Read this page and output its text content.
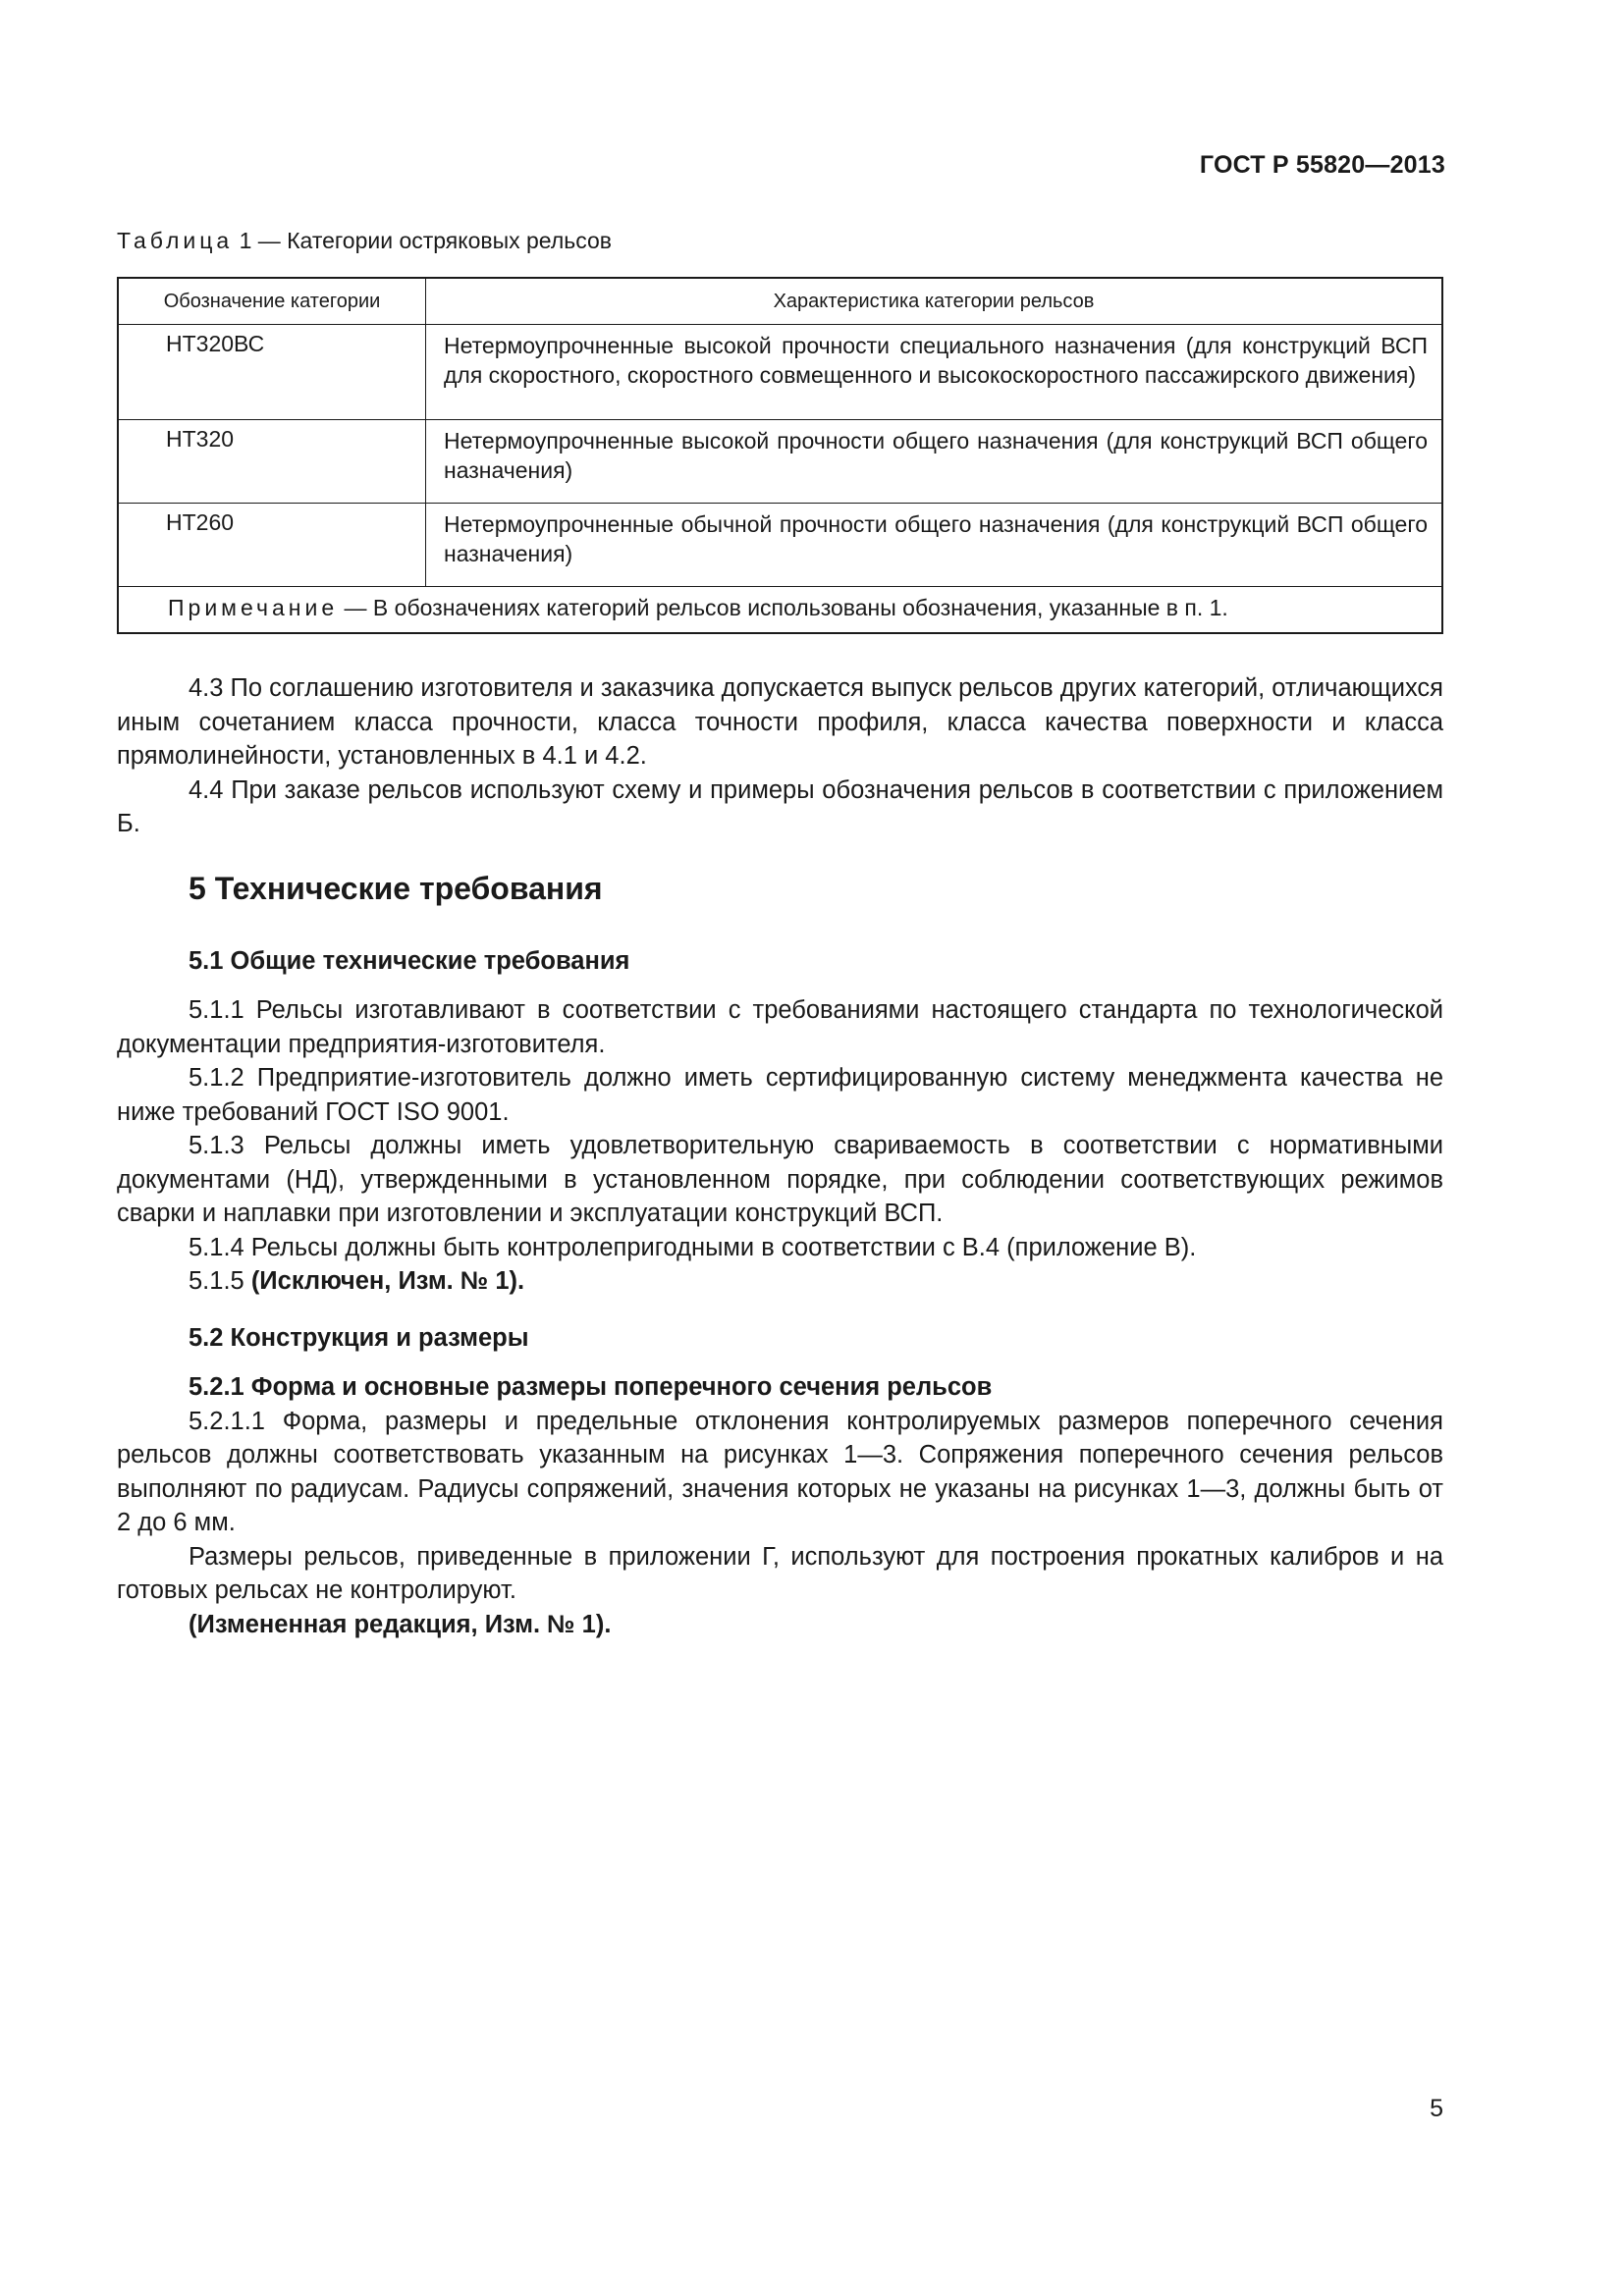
ГОСТ Р 55820—2013
Таблица 1 — Категории остряковых рельсов
Обозначение категории	Характеристика категории рельсов
НТ320ВС	Нетермоупрочненные высокой прочности специального назначения (для конструкций ВСП для скоростного, скоростного совмещенного и высокоскоростного пассажирского движения)
НТ320	Нетермоупрочненные высокой прочности общего назначения (для конструкций ВСП общего назначения)
НТ260	Нетермоупрочненные обычной прочности общего назначения (для конструкций ВСП общего назначения)
Примечание — В обозначениях категорий рельсов использованы обозначения, указанные в п. 1.	

4.3 По соглашению изготовителя и заказчика допускается выпуск рельсов других категорий, отличающихся иным сочетанием класса прочности, класса точности профиля, класса качества поверхности и класса прямолинейности, установленных в 4.1 и 4.2.

4.4 При заказе рельсов используют схему и примеры обозначения рельсов в соответствии с приложением Б.

5 Технические требования
5.1 Общие технические требования

5.1.1 Рельсы изготавливают в соответствии с требованиями настоящего стандарта по технологической документации предприятия-изготовителя.

5.1.2 Предприятие-изготовитель должно иметь сертифицированную систему менеджмента качества не ниже требований ГОСТ ISO 9001.

5.1.3 Рельсы должны иметь удовлетворительную свариваемость в соответствии с нормативными документами (НД), утвержденными в установленном порядке, при соблюдении соответствующих режимов сварки и наплавки при изготовлении и эксплуатации конструкций ВСП.

5.1.4 Рельсы должны быть контролепригодными в соответствии с В.4 (приложение В).

5.1.5 (Исключен, Изм. № 1).

5.2 Конструкция и размеры
5.2.1 Форма и основные размеры поперечного сечения рельсов

5.2.1.1 Форма, размеры и предельные отклонения контролируемых размеров поперечного сечения рельсов должны соответствовать указанным на рисунках 1—3. Сопряжения поперечного сечения рельсов выполняют по радиусам. Радиусы сопряжений, значения которых не указаны на рисунках 1—3, должны быть от 2 до 6 мм.

Размеры рельсов, приведенные в приложении Г, используют для построения прокатных калибров и на готовых рельсах не контролируют.

(Измененная редакция, Изм. № 1).

5
